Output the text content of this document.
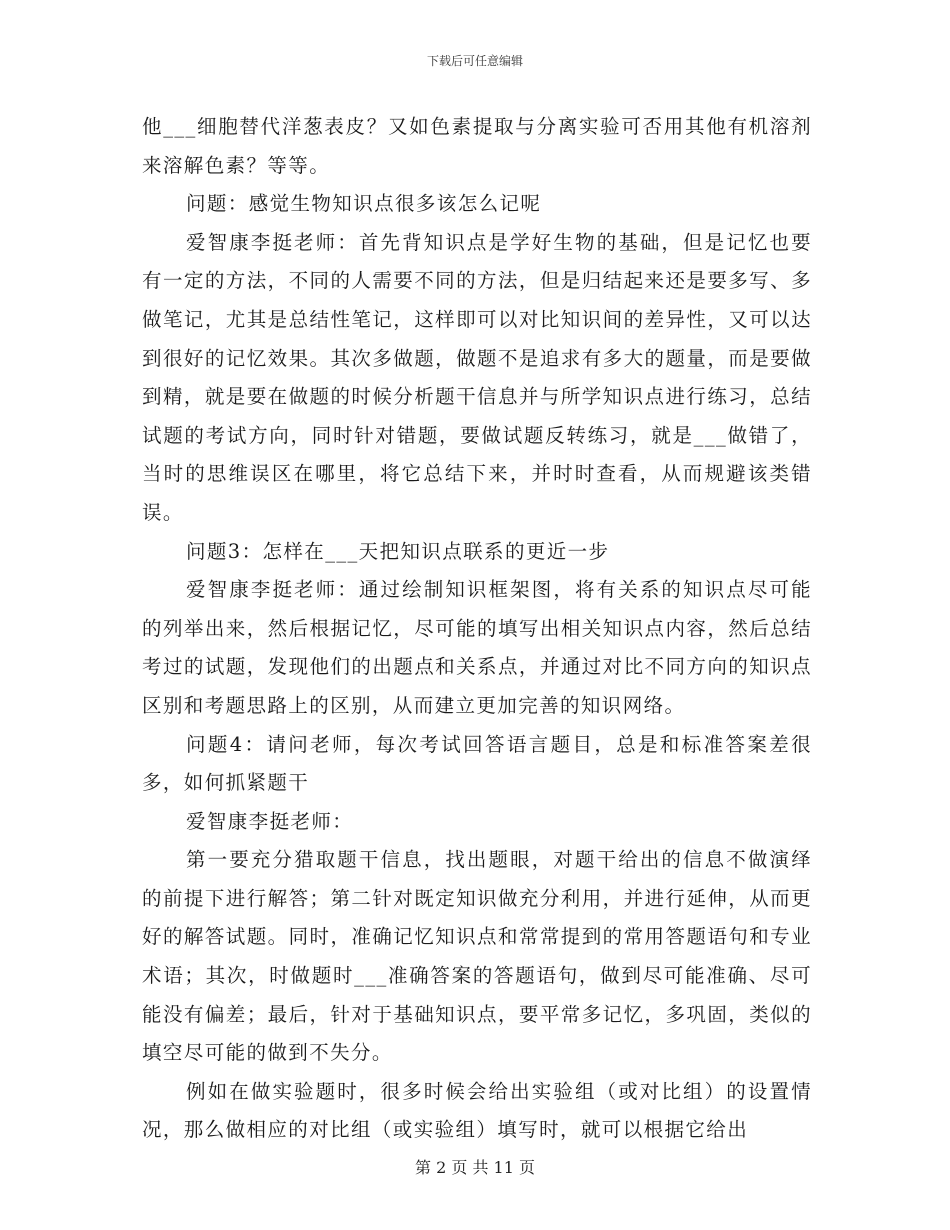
下载后可任意编辑

他___细胞替代洋葱表皮？又如色素提取与分离实验可否用其他有机溶剂来溶解色素？等等。

问题：感觉生物知识点很多该怎么记呢

爱智康李挺老师：首先背知识点是学好生物的基础，但是记忆也要有一定的方法，不同的人需要不同的方法，但是归结起来还是要多写、多做笔记，尤其是总结性笔记，这样即可以对比知识间的差异性，又可以达到很好的记忆效果。其次多做题，做题不是追求有多大的题量，而是要做到精，就是要在做题的时候分析题干信息并与所学知识点进行练习，总结试题的考试方向，同时针对错题，要做试题反转练习，就是___做错了，当时的思维误区在哪里，将它总结下来，并时时查看，从而规避该类错误。

问题3：怎样在___天把知识点联系的更近一步

爱智康李挺老师：通过绘制知识框架图，将有关系的知识点尽可能的列举出来，然后根据记忆，尽可能的填写出相关知识点内容，然后总结考过的试题，发现他们的出题点和关系点，并通过对比不同方向的知识点区别和考题思路上的区别，从而建立更加完善的知识网络。

问题4：请问老师，每次考试回答语言题目，总是和标准答案差很多，如何抓紧题干

爱智康李挺老师：

第一要充分猎取题干信息，找出题眼，对题干给出的信息不做演绎的前提下进行解答；第二针对既定知识做充分利用，并进行延伸，从而更好的解答试题。同时，准确记忆知识点和常常提到的常用答题语句和专业术语；其次，时做题时___准确答案的答题语句，做到尽可能准确、尽可能没有偏差；最后，针对于基础知识点，要平常多记忆，多巩固，类似的填空尽可能的做到不失分。

例如在做实验题时，很多时候会给出实验组（或对比组）的设置情况，那么做相应的对比组（或实验组）填写时，就可以根据它给出

第 2 页 共 11 页
